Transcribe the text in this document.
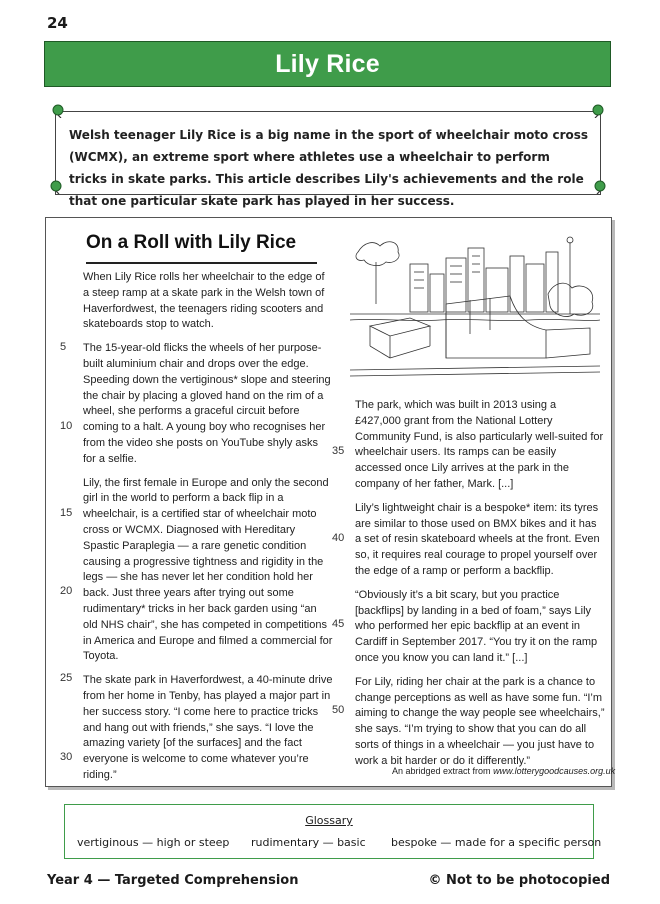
24
Lily Rice
Welsh teenager Lily Rice is a big name in the sport of wheelchair moto cross (WCMX), an extreme sport where athletes use a wheelchair to perform tricks in skate parks. This article describes Lily's achievements and the role that one particular skate park has played in her success.
On a Roll with Lily Rice
5
10
15
20
25
30

When Lily Rice rolls her wheelchair to the edge of a steep ramp at a skate park in the Welsh town of Haverfordwest, the teenagers riding scooters and skateboards stop to watch.

The 15-year-old flicks the wheels of her purpose-built aluminium chair and drops over the edge. Speeding down the vertiginous* slope and steering the chair by placing a gloved hand on the rim of a wheel, she performs a graceful circuit before coming to a halt. A young boy who recognises her from the video she posts on YouTube shyly asks for a selfie.

Lily, the first female in Europe and only the second girl in the world to perform a back flip in a wheelchair, is a certified star of wheelchair moto cross or WCMX. Diagnosed with Hereditary Spastic Paraplegia — a rare genetic condition causing a progressive tightness and rigidity in the legs — she has never let her condition hold her back. Just three years after trying out some rudimentary* tricks in her back garden using “an old NHS chair”, she has competed in competitions in America and Europe and filmed a commercial for Toyota.

The skate park in Haverfordwest, a 40-minute drive from her home in Tenby, has played a major part in her success story. “I come here to practice tricks and hang out with friends,” she says. “I love the amazing variety [of the surfaces] and the fact everyone is welcome to come whatever you’re riding.”

35
40
45
50

The park, which was built in 2013 using a £427,000 grant from the National Lottery Community Fund, is also particularly well-suited for wheelchair users. Its ramps can be easily accessed once Lily arrives at the park in the company of her father, Mark. [...]

Lily’s lightweight chair is a bespoke* item: its tyres are similar to those used on BMX bikes and it has a set of resin skateboard wheels at the front. Even so, it requires real courage to propel yourself over the edge of a ramp or perform a backflip.

“Obviously it’s a bit scary, but you practice [backflips] by landing in a bed of foam,” says Lily who performed her epic backflip at an event in Cardiff in September 2017. “You try it on the ramp once you know you can land it.” [...]

For Lily, riding her chair at the park is a chance to change perceptions as well as have some fun. “I’m aiming to change the way people see wheelchairs,” she says. “I’m trying to show that you can do all sorts of things in a wheelchair — you just have to work a bit harder or do it differently.”

An abridged extract from www.lotterygoodcauses.org.uk
Glossary
vertiginous — high or steep rudimentary — basic bespoke — made for a specific person
Year 4 — Targeted Comprehension	© Not to be photocopied
